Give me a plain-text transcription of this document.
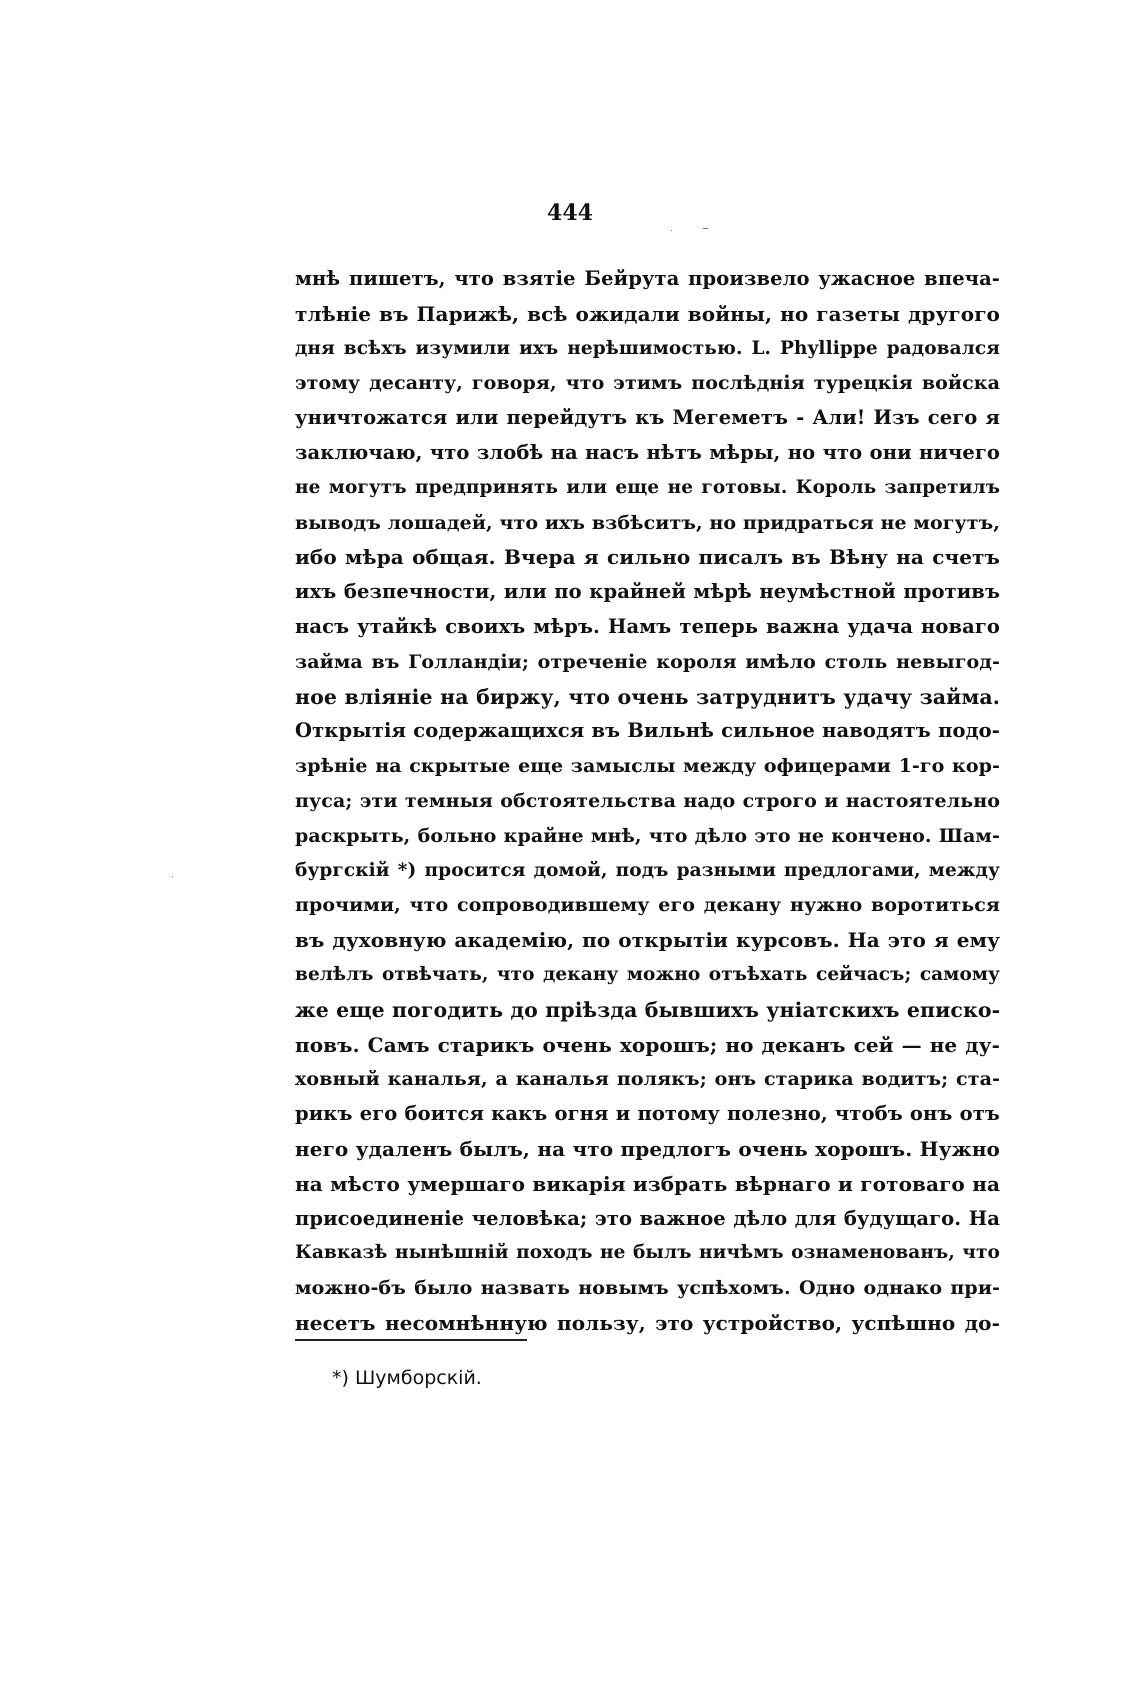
444
мнѣ пишетъ, что взятіе Бейрута произвело ужасное впеча-
тлѣніе въ Парижѣ, всѣ ожидали войны, но газеты другого
дня всѣхъ изумили ихъ нерѣшимостью. L. Phyllippe радовался
этому десанту, говоря, что этимъ послѣднія турецкія войска
уничтожатся или перейдутъ къ Мегеметъ - Али! Изъ сего я
заключаю, что злобѣ на насъ нѣтъ мѣры, но что они ничего
не могутъ предпринять или еще не готовы. Король запретилъ
выводъ лошадей, что ихъ взбѣситъ, но придраться не могутъ,
ибо мѣра общая. Вчера я сильно писалъ въ Вѣну на счетъ
ихъ безпечности, или по крайней мѣрѣ неумѣстной противъ
насъ утайкѣ своихъ мѣръ. Намъ теперь важна удача новаго
займа въ Голландіи; отреченіе короля имѣло столь невыгод-
ное вліяніе на биржу, что очень затруднитъ удачу займа.
Открытія содержащихся въ Вильнѣ сильное наводятъ подо-
зрѣніе на скрытые еще замыслы между офицерами 1-го кор-
пуса; эти темныя обстоятельства надо строго и настоятельно
раскрыть, больно крайне мнѣ, что дѣло это не кончено. Шам-
бургскій *) просится домой, подъ разными предлогами, между
прочими, что сопроводившему его декану нужно воротиться
въ духовную академію, по открытіи курсовъ. На это я ему
велѣлъ отвѣчать, что декану можно отъѣхать сейчасъ; самому
же еще погодить до пріѣзда бывшихъ уніатскихъ еписко-
повъ. Самъ старикъ очень хорошъ; но деканъ сей — не ду-
ховный каналья, а каналья полякъ; онъ старика водитъ; ста-
рикъ его боится какъ огня и потому полезно, чтобъ онъ отъ
него удаленъ былъ, на что предлогъ очень хорошъ. Нужно
на мѣсто умершаго викарія избрать вѣрнаго и готоваго на
присоединеніе человѣка; это важное дѣло для будущаго. На
Кавказѣ нынѣшній походъ не былъ ничѣмъ ознаменованъ, что
можно-бъ было назвать новымъ успѣхомъ. Одно однако при-
несетъ несомнѣнную пользу, это устройство, успѣшно до-
*) Шумборскій.
